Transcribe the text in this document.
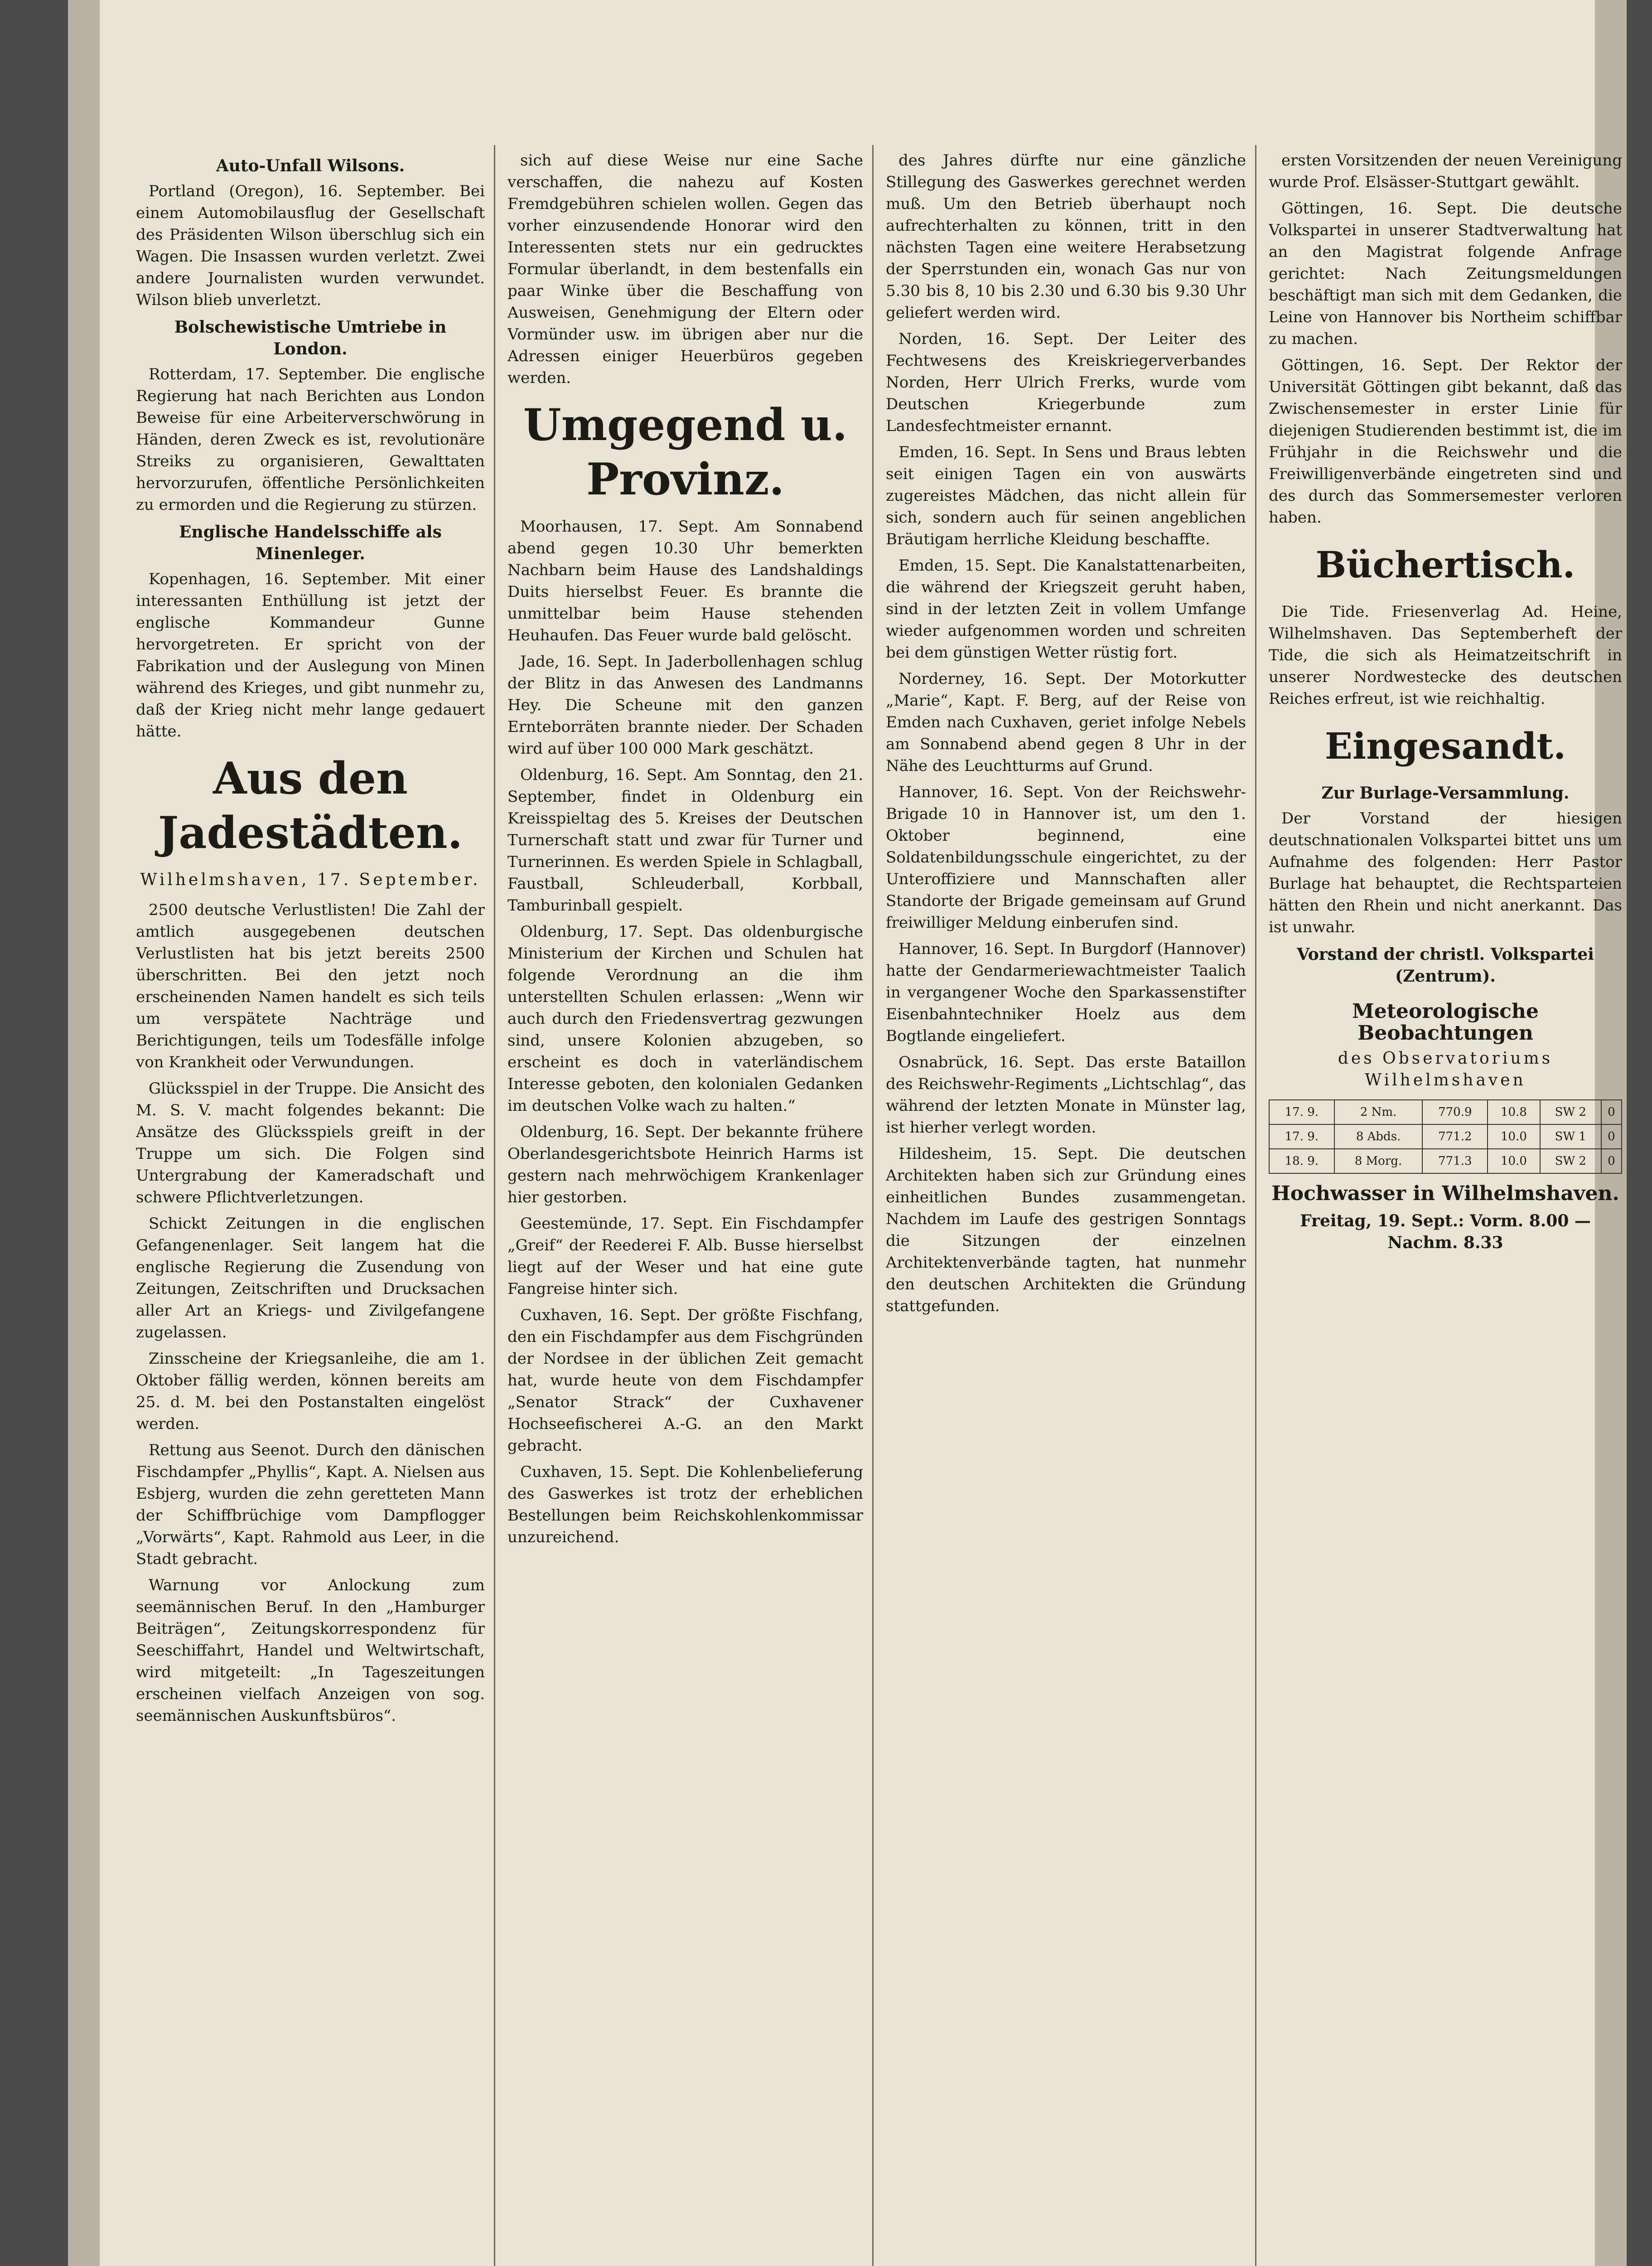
Auto-Unfall Wilsons.

Portland (Oregon), 16. September. Bei einem Automobilausflug der Gesellschaft des Präsidenten Wilson überschlug sich ein Wagen. Die Insassen wurden verletzt. Zwei andere Journalisten wurden verwundet. Wilson blieb unverletzt.

Bolschewistische Umtriebe in London.

Rotterdam, 17. September. Die englische Regierung hat nach Berichten aus London Beweise für eine Arbeiterverschwörung in Händen, deren Zweck es ist, revolutionäre Streiks zu organisieren, Gewalttaten hervorzurufen, öffentliche Persönlichkeiten zu ermorden und die Regierung zu stürzen.

Englische Handelsschiffe als Minenleger.

Kopenhagen, 16. September. Mit einer interessanten Enthüllung ist jetzt der englische Kommandeur Gunne hervorgetreten. Er spricht von der Fabrikation und der Auslegung von Minen während des Krieges, und gibt nunmehr zu, daß der Krieg nicht mehr lange gedauert hätte.

Aus den Jadestädten.
Wilhelmshaven, 17. September.

2500 deutsche Verlustlisten! Die Zahl der amtlich ausgegebenen deutschen Verlustlisten hat bis jetzt bereits 2500 überschritten. Bei den jetzt noch erscheinenden Namen handelt es sich teils um verspätete Nachträge und Berichtigungen, teils um Todesfälle infolge von Krankheit oder Verwundungen.

Glücksspiel in der Truppe. Die Ansicht des M. S. V. macht folgendes bekannt: Die Ansätze des Glücksspiels greift in der Truppe um sich. Die Folgen sind Untergrabung der Kameradschaft und schwere Pflichtverletzungen.

Schickt Zeitungen in die englischen Gefangenenlager. Seit langem hat die englische Regierung die Zusendung von Zeitungen, Zeitschriften und Drucksachen aller Art an Kriegs- und Zivilgefangene zugelassen.

Zinsscheine der Kriegsanleihe, die am 1. Oktober fällig werden, können bereits am 25. d. M. bei den Postanstalten eingelöst werden.

Rettung aus Seenot. Durch den dänischen Fischdampfer „Phyllis“, Kapt. A. Nielsen aus Esbjerg, wurden die zehn geretteten Mann der Schiffbrüchige vom Dampflogger „Vorwärts“, Kapt. Rahmold aus Leer, in die Stadt gebracht.

Warnung vor Anlockung zum seemännischen Beruf. In den „Hamburger Beiträgen“, Zeitungskorrespondenz für Seeschiffahrt, Handel und Weltwirtschaft, wird mitgeteilt: „In Tageszeitungen erscheinen vielfach Anzeigen von sog. seemännischen Auskunftsbüros“.

sich auf diese Weise nur eine Sache verschaffen, die nahezu auf Kosten Fremdgebühren schielen wollen. Gegen das vorher einzusendende Honorar wird den Interessenten stets nur ein gedrucktes Formular überlandt, in dem bestenfalls ein paar Winke über die Beschaffung von Ausweisen, Genehmigung der Eltern oder Vormünder usw. im übrigen aber nur die Adressen einiger Heuerbüros gegeben werden.

Umgegend u. Provinz.

Moorhausen, 17. Sept. Am Sonnabend abend gegen 10.30 Uhr bemerkten Nachbarn beim Hause des Landshaldings Duits hierselbst Feuer. Es brannte die unmittelbar beim Hause stehenden Heuhaufen. Das Feuer wurde bald gelöscht.

Jade, 16. Sept. In Jaderbollenhagen schlug der Blitz in das Anwesen des Landmanns Hey. Die Scheune mit den ganzen Ernteborräten brannte nieder. Der Schaden wird auf über 100 000 Mark geschätzt.

Oldenburg, 16. Sept. Am Sonntag, den 21. September, findet in Oldenburg ein Kreisspieltag des 5. Kreises der Deutschen Turnerschaft statt und zwar für Turner und Turnerinnen. Es werden Spiele in Schlagball, Faustball, Schleuderball, Korbball, Tamburinball gespielt.

Oldenburg, 17. Sept. Das oldenburgische Ministerium der Kirchen und Schulen hat folgende Verordnung an die ihm unterstellten Schulen erlassen: „Wenn wir auch durch den Friedensvertrag gezwungen sind, unsere Kolonien abzugeben, so erscheint es doch in vaterländischem Interesse geboten, den kolonialen Gedanken im deutschen Volke wach zu halten.“

Oldenburg, 16. Sept. Der bekannte frühere Oberlandesgerichtsbote Heinrich Harms ist gestern nach mehrwöchigem Krankenlager hier gestorben.

Geestemünde, 17. Sept. Ein Fischdampfer „Greif“ der Reederei F. Alb. Busse hierselbst liegt auf der Weser und hat eine gute Fangreise hinter sich.

Cuxhaven, 16. Sept. Der größte Fischfang, den ein Fischdampfer aus dem Fischgründen der Nordsee in der üblichen Zeit gemacht hat, wurde heute von dem Fischdampfer „Senator Strack“ der Cuxhavener Hochseefischerei A.-G. an den Markt gebracht.

Cuxhaven, 15. Sept. Die Kohlenbelieferung des Gaswerkes ist trotz der erheblichen Bestellungen beim Reichskohlenkommissar unzureichend.

des Jahres dürfte nur eine gänzliche Stillegung des Gaswerkes gerechnet werden muß. Um den Betrieb überhaupt noch aufrechterhalten zu können, tritt in den nächsten Tagen eine weitere Herabsetzung der Sperrstunden ein, wonach Gas nur von 5.30 bis 8, 10 bis 2.30 und 6.30 bis 9.30 Uhr geliefert werden wird.

Norden, 16. Sept. Der Leiter des Fechtwesens des Kreiskriegerverbandes Norden, Herr Ulrich Frerks, wurde vom Deutschen Kriegerbunde zum Landesfechtmeister ernannt.

Emden, 16. Sept. In Sens und Braus lebten seit einigen Tagen ein von auswärts zugereistes Mädchen, das nicht allein für sich, sondern auch für seinen angeblichen Bräutigam herrliche Kleidung beschaffte.

Emden, 15. Sept. Die Kanalstattenarbeiten, die während der Kriegszeit geruht haben, sind in der letzten Zeit in vollem Umfange wieder aufgenommen worden und schreiten bei dem günstigen Wetter rüstig fort.

Norderney, 16. Sept. Der Motorkutter „Marie“, Kapt. F. Berg, auf der Reise von Emden nach Cuxhaven, geriet infolge Nebels am Sonnabend abend gegen 8 Uhr in der Nähe des Leuchtturms auf Grund.

Hannover, 16. Sept. Von der Reichswehr-Brigade 10 in Hannover ist, um den 1. Oktober beginnend, eine Soldatenbildungsschule eingerichtet, zu der Unteroffiziere und Mannschaften aller Standorte der Brigade gemeinsam auf Grund freiwilliger Meldung einberufen sind.

Hannover, 16. Sept. In Burgdorf (Hannover) hatte der Gendarmeriewachtmeister Taalich in vergangener Woche den Sparkassenstifter Eisenbahntechniker Hoelz aus dem Bogtlande eingeliefert.

Osnabrück, 16. Sept. Das erste Bataillon des Reichswehr-Regiments „Lichtschlag“, das während der letzten Monate in Münster lag, ist hierher verlegt worden.

Hildesheim, 15. Sept. Die deutschen Architekten haben sich zur Gründung eines einheitlichen Bundes zusammengetan. Nachdem im Laufe des gestrigen Sonntags die Sitzungen der einzelnen Architektenverbände tagten, hat nunmehr den deutschen Architekten die Gründung stattgefunden.

ersten Vorsitzenden der neuen Vereinigung wurde Prof. Elsässer-Stuttgart gewählt.

Göttingen, 16. Sept. Die deutsche Volkspartei in unserer Stadtverwaltung hat an den Magistrat folgende Anfrage gerichtet: Nach Zeitungsmeldungen beschäftigt man sich mit dem Gedanken, die Leine von Hannover bis Northeim schiffbar zu machen.

Göttingen, 16. Sept. Der Rektor der Universität Göttingen gibt bekannt, daß das Zwischensemester in erster Linie für diejenigen Studierenden bestimmt ist, die im Frühjahr in die Reichswehr und die Freiwilligenverbände eingetreten sind und des durch das Sommersemester verloren haben.

Büchertisch.

Die Tide. Friesenverlag Ad. Heine, Wilhelmshaven. Das Septemberheft der Tide, die sich als Heimatzeitschrift in unserer Nordwestecke des deutschen Reiches erfreut, ist wie reichhaltig.

Eingesandt.
Zur Burlage-Versammlung.

Der Vorstand der hiesigen deutschnationalen Volkspartei bittet uns um Aufnahme des folgenden: Herr Pastor Burlage hat behauptet, die Rechtsparteien hätten den Rhein und nicht anerkannt. Das ist unwahr.

Vorstand der christl. Volkspartei (Zentrum).
Meteorologische Beobachtungen
des Observatoriums Wilhelmshaven
17. 9.	2 Nm.	770.9	10.8	SW 2	0
17. 9.	8 Abds.	771.2	10.0	SW 1	0
18. 9.	8 Morg.	771.3	10.0	SW 2	0
Hochwasser in Wilhelmshaven.
Freitag, 19. Sept.: Vorm. 8.00 — Nachm. 8.33
